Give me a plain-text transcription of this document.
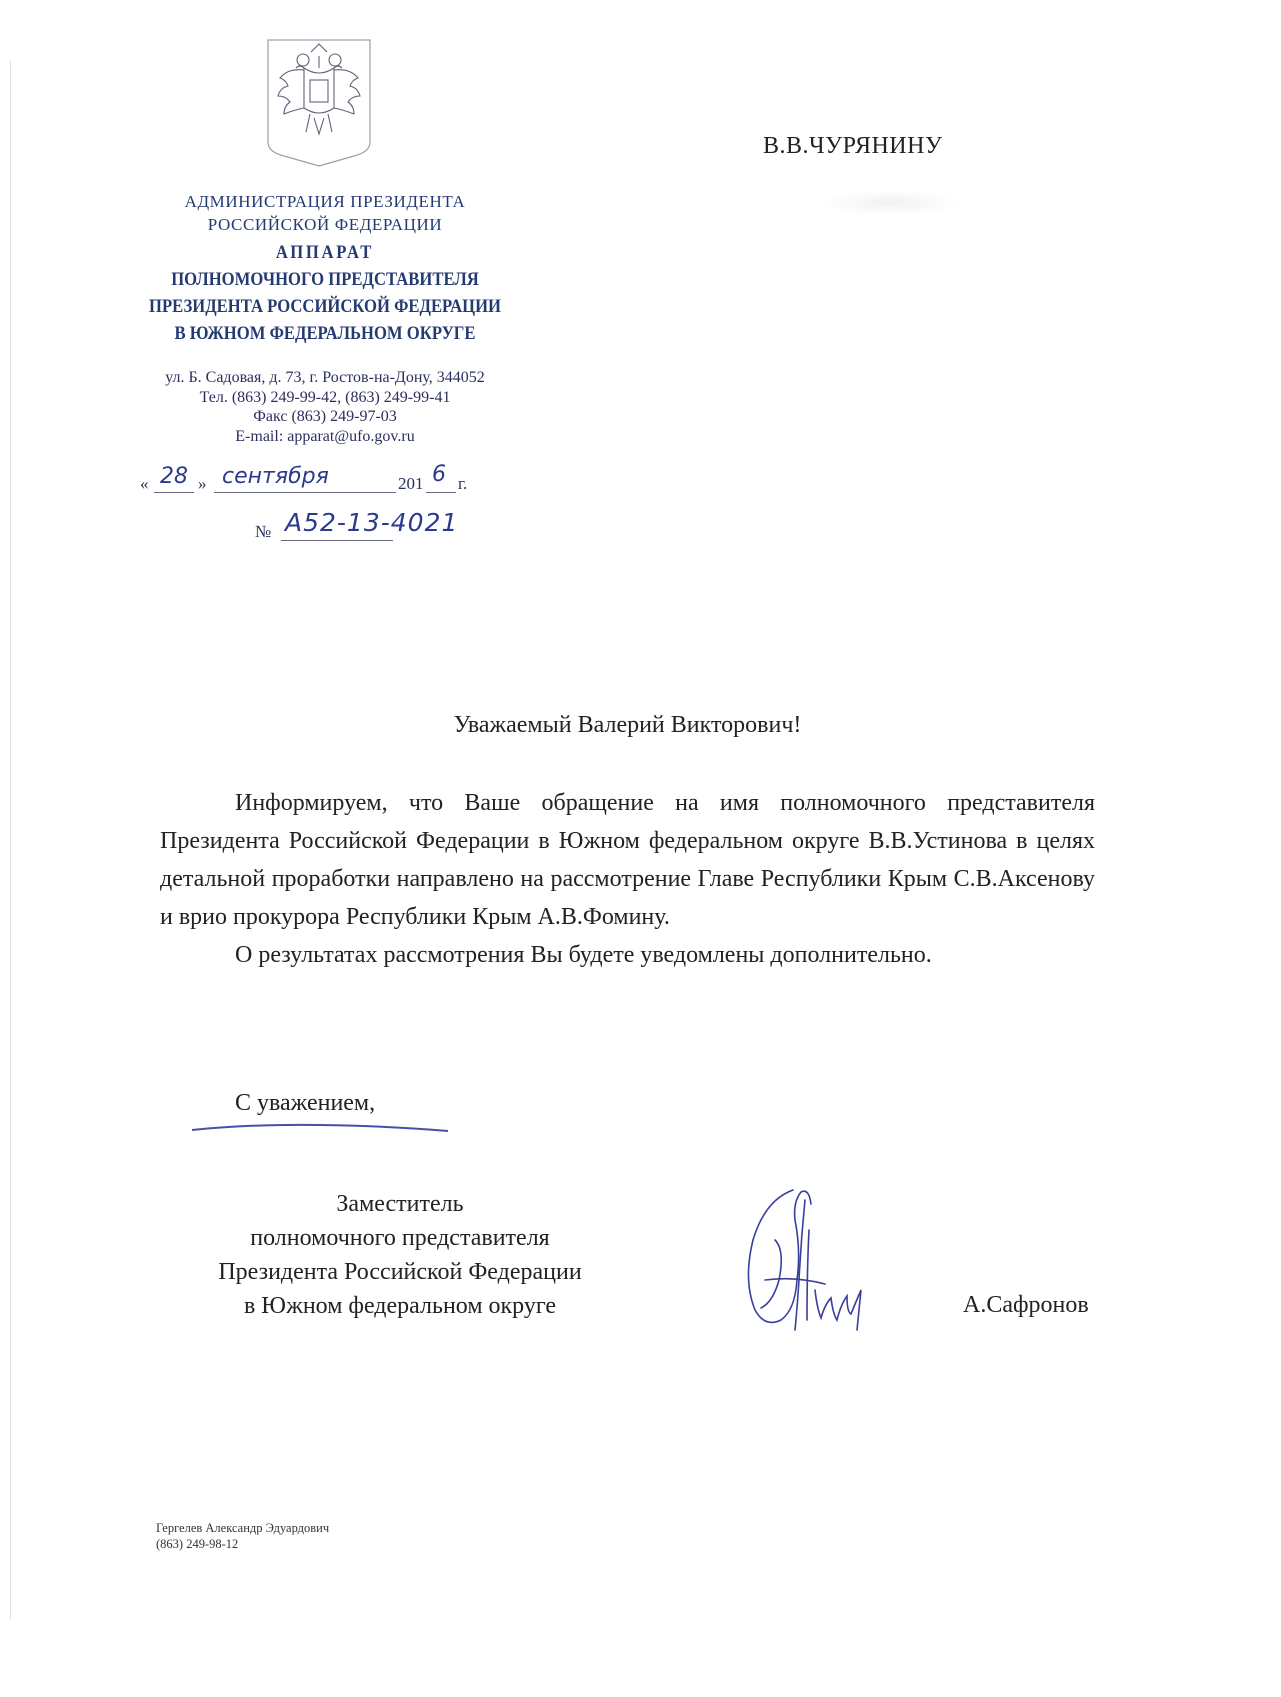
АДМИНИСТРАЦИЯ ПРЕЗИДЕНТА
РОССИЙСКОЙ ФЕДЕРАЦИИ
АППАРАТ
ПОЛНОМОЧНОГО ПРЕДСТАВИТЕЛЯ
ПРЕЗИДЕНТА РОССИЙСКОЙ ФЕДЕРАЦИИ
В ЮЖНОМ ФЕДЕРАЛЬНОМ ОКРУГЕ
ул. Б. Садовая, д. 73, г. Ростов-на-Дону, 344052
Тел. (863) 249-99-42, (863) 249-99-41
Факс (863) 249-97-03
E-mail: apparat@ufo.gov.ru
« 28 » сентября	201 6 г.
№ А52-13-4021
В.В.ЧУРЯНИНУ
Уважаемый Валерий Викторович!

Информируем, что Ваше обращение на имя полномочного представителя Президента Российской Федерации в Южном федеральном округе В.В.Устинова в целях детальной проработки направлено на рассмотрение Главе Республики Крым С.В.Аксенову и врио прокурора Республики Крым А.В.Фомину.

О результатах рассмотрения Вы будете уведомлены дополнительно.

С уважением,
Заместитель
полномочного представителя
Президента Российской Федерации
в Южном федеральном округе	А.Сафронов
Гергелев Александр Эдуардович
(863) 249-98-12
